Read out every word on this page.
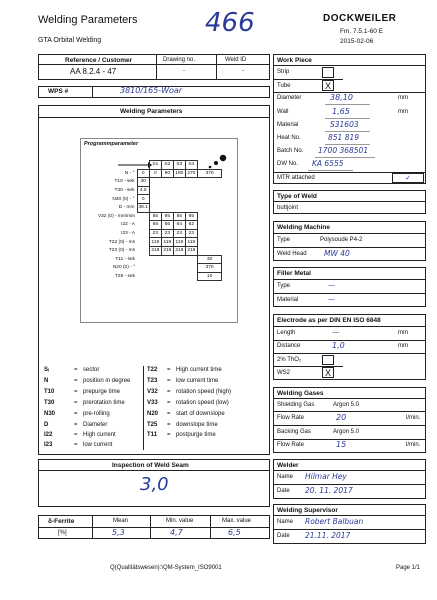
Welding Parameters
GTA Orbital Welding
466	DOCKWEILER
Fm. 7.5.1-60 E
2015-02-06
Reference / Customer	Drawing no.	Weld ID
AA 8.2.4 - 47	-	-
WPS #	3810/165-Woar
Welding Parameters
Programmparameter
		S1	S2	S3	S4	
N - °	0	0	90	180	270	370
T10 - sek	30					
T30 - sek	4.5					
N30 (0) - °	0					
D - mm	38.1					
V32 (0) - mm/min		85	85	85	85	
I22 - A		68	66	64	62	
I23 - A		23	23	23	23	
T22 (0) - ms		119	119	119	119	
T23 (0) - ms		218	218	218	218	
T11 - sek						30
N20 (0) - °						370
T25 - sek						10
Sᵢ	= sector
N	= position in degree
T10	= prepurge time
T30	= prerotation time
N30	= pre-rolling
D	= Diameter
I22	= High current
I23	= low current
T22 = High current time
T23 = low current time
V32 = rotation speed (high)
V33 = rotation speed (low)
N20 = start of downslope
T25 = downslope time
T11 = postpurge time
Inspection of Weld Seam
3,0
δ-Ferrite
[%]
Mean	Min. value	Max. value
5,3	4,7	6,5
Work Piece
Strip
Tube	X
Diameter	38,10	mm
Wall	1,65	mm
Material	S31603
Heat No.	851 819
Batch No. 1700 368501
DW No. KA 6555
MTR attached	✓
Type of Weld
buttjoint
Welding Machine
Type	Polysoude P4-2
Weld Head MW 40
Filler Metal
Type	—
Material	—
Electrode as per DIN EN ISO 6848
Length	—	mm
Distance	1,0	mm
2% ThO₂
WS2	X
Welding Gases
Shielding Gas	Argon 5.0
Flow Rate	20	l/min.
Backing Gas	Argon 5.0
Flow Rate	15	l/min.
Welder
Name Hilmar Hey
Date 20. 11. 2017
Welding Supervisor
Name Robert Balbuan
Date 21.11. 2017
Q(Qualitätswesen):\QM-System_ISO9001	Page 1/1
